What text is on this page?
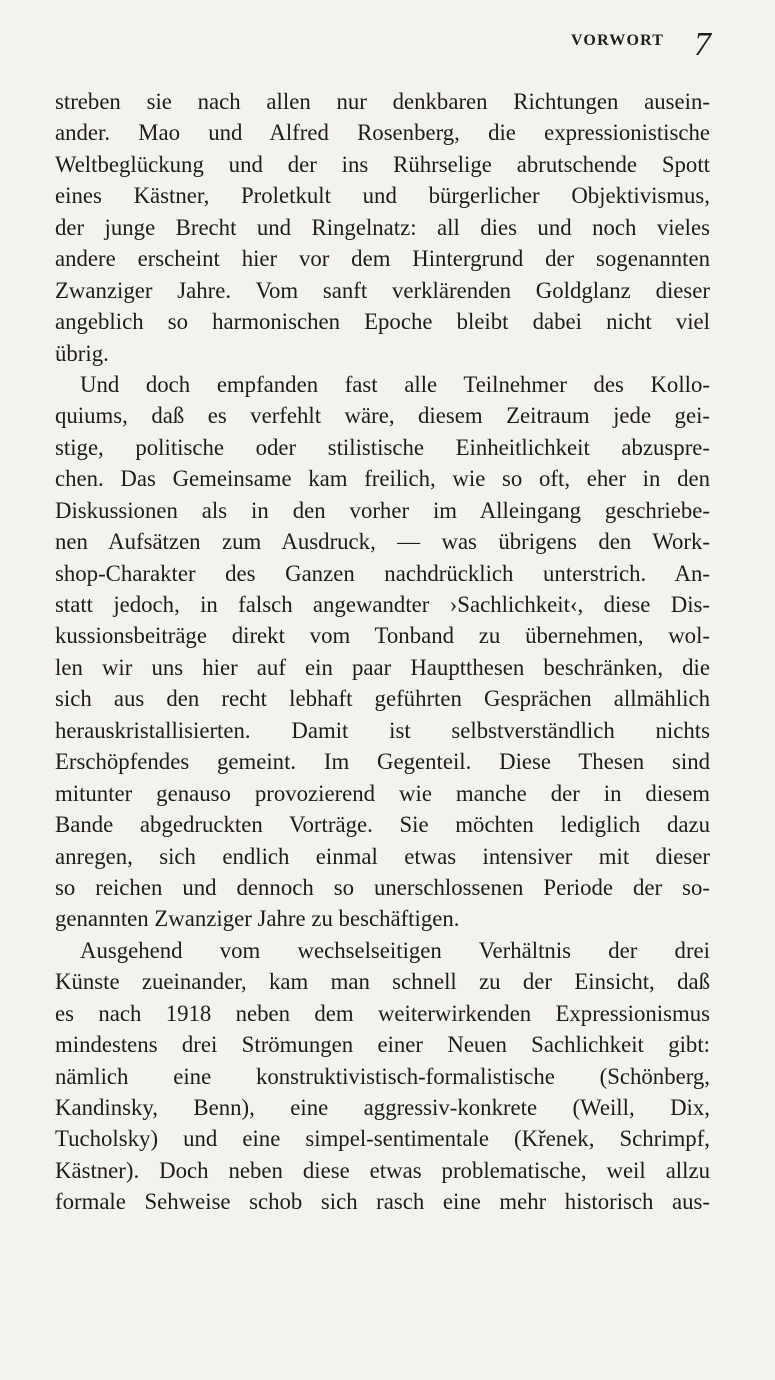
VORWORT 7
streben sie nach allen nur denkbaren Richtungen ausein-
ander. Mao und Alfred Rosenberg, die expressionistische
Weltbeglückung und der ins Rührselige abrutschende Spott
eines Kästner, Proletkult und bürgerlicher Objektivismus,
der junge Brecht und Ringelnatz: all dies und noch vieles
andere erscheint hier vor dem Hintergrund der sogenannten
Zwanziger Jahre. Vom sanft verklärenden Goldglanz dieser
angeblich so harmonischen Epoche bleibt dabei nicht viel
übrig.
Und doch empfanden fast alle Teilnehmer des Kollo-
quiums, daß es verfehlt wäre, diesem Zeitraum jede gei-
stige, politische oder stilistische Einheitlichkeit abzuspre-
chen. Das Gemeinsame kam freilich, wie so oft, eher in den
Diskussionen als in den vorher im Alleingang geschriebe-
nen Aufsätzen zum Ausdruck, — was übrigens den Work-
shop-Charakter des Ganzen nachdrücklich unterstrich. An-
statt jedoch, in falsch angewandter ›Sachlichkeit‹, diese Dis-
kussionsbeiträge direkt vom Tonband zu übernehmen, wol-
len wir uns hier auf ein paar Hauptthesen beschränken, die
sich aus den recht lebhaft geführten Gesprächen allmählich
herauskristallisierten. Damit ist selbstverständlich nichts
Erschöpfendes gemeint. Im Gegenteil. Diese Thesen sind
mitunter genauso provozierend wie manche der in diesem
Bande abgedruckten Vorträge. Sie möchten lediglich dazu
anregen, sich endlich einmal etwas intensiver mit dieser
so reichen und dennoch so unerschlossenen Periode der so-
genannten Zwanziger Jahre zu beschäftigen.
Ausgehend vom wechselseitigen Verhältnis der drei
Künste zueinander, kam man schnell zu der Einsicht, daß
es nach 1918 neben dem weiterwirkenden Expressionismus
mindestens drei Strömungen einer Neuen Sachlichkeit gibt:
nämlich eine konstruktivistisch-formalistische (Schönberg,
Kandinsky, Benn), eine aggressiv-konkrete (Weill, Dix,
Tucholsky) und eine simpel-sentimentale (Křenek, Schrimpf,
Kästner). Doch neben diese etwas problematische, weil allzu
formale Sehweise schob sich rasch eine mehr historisch aus-
